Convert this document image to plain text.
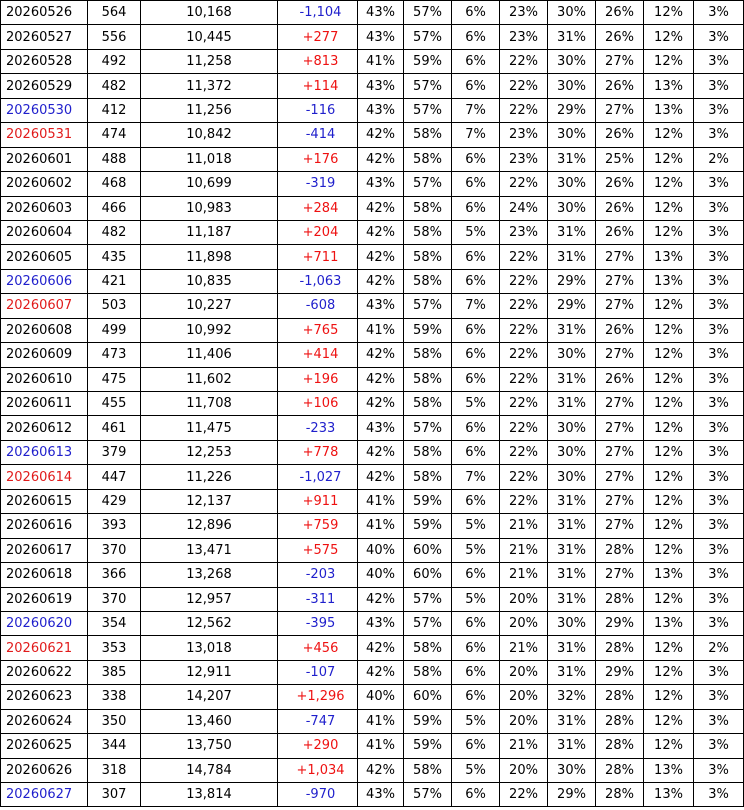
20260526	564	10,168	-1,104	43%	57%	6%	23%	30%	26%	12%	3%
20260527	556	10,445	+277	43%	57%	6%	23%	31%	26%	12%	3%
20260528	492	11,258	+813	41%	59%	6%	22%	30%	27%	12%	3%
20260529	482	11,372	+114	43%	57%	6%	22%	30%	26%	13%	3%
20260530	412	11,256	-116	43%	57%	7%	22%	29%	27%	13%	3%
20260531	474	10,842	-414	42%	58%	7%	23%	30%	26%	12%	3%
20260601	488	11,018	+176	42%	58%	6%	23%	31%	25%	12%	2%
20260602	468	10,699	-319	43%	57%	6%	22%	30%	26%	12%	3%
20260603	466	10,983	+284	42%	58%	6%	24%	30%	26%	12%	3%
20260604	482	11,187	+204	42%	58%	5%	23%	31%	26%	12%	3%
20260605	435	11,898	+711	42%	58%	6%	22%	31%	27%	13%	3%
20260606	421	10,835	-1,063	42%	58%	6%	22%	29%	27%	13%	3%
20260607	503	10,227	-608	43%	57%	7%	22%	29%	27%	12%	3%
20260608	499	10,992	+765	41%	59%	6%	22%	31%	26%	12%	3%
20260609	473	11,406	+414	42%	58%	6%	22%	30%	27%	12%	3%
20260610	475	11,602	+196	42%	58%	6%	22%	31%	26%	12%	3%
20260611	455	11,708	+106	42%	58%	5%	22%	31%	27%	12%	3%
20260612	461	11,475	-233	43%	57%	6%	22%	30%	27%	12%	3%
20260613	379	12,253	+778	42%	58%	6%	22%	30%	27%	12%	3%
20260614	447	11,226	-1,027	42%	58%	7%	22%	30%	27%	12%	3%
20260615	429	12,137	+911	41%	59%	6%	22%	31%	27%	12%	3%
20260616	393	12,896	+759	41%	59%	5%	21%	31%	27%	12%	3%
20260617	370	13,471	+575	40%	60%	5%	21%	31%	28%	12%	3%
20260618	366	13,268	-203	40%	60%	6%	21%	31%	27%	13%	3%
20260619	370	12,957	-311	42%	57%	5%	20%	31%	28%	12%	3%
20260620	354	12,562	-395	43%	57%	6%	20%	30%	29%	13%	3%
20260621	353	13,018	+456	42%	58%	6%	21%	31%	28%	12%	2%
20260622	385	12,911	-107	42%	58%	6%	20%	31%	29%	12%	3%
20260623	338	14,207	+1,296	40%	60%	6%	20%	32%	28%	12%	3%
20260624	350	13,460	-747	41%	59%	5%	20%	31%	28%	12%	3%
20260625	344	13,750	+290	41%	59%	6%	21%	31%	28%	12%	3%
20260626	318	14,784	+1,034	42%	58%	5%	20%	30%	28%	13%	3%
20260627	307	13,814	-970	43%	57%	6%	22%	29%	28%	13%	3%
